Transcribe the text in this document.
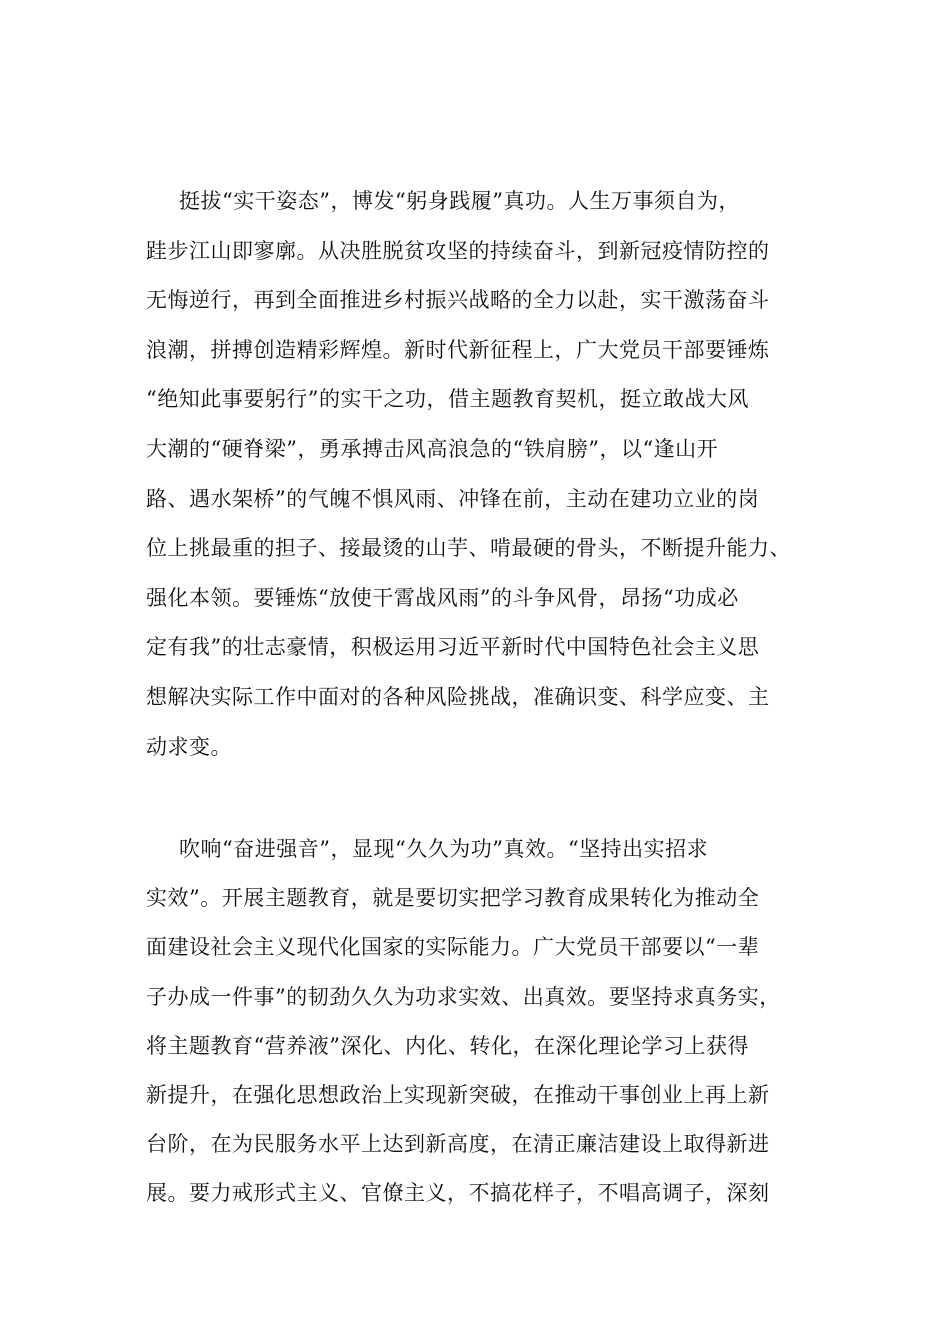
挺拔“实干姿态”，博发“躬身践履”真功。人生万事须自为，
跬步江山即寥廓。从决胜脱贫攻坚的持续奋斗，到新冠疫情防控的
无悔逆行，再到全面推进乡村振兴战略的全力以赴，实干激荡奋斗
浪潮，拼搏创造精彩辉煌。新时代新征程上，广大党员干部要锤炼
“绝知此事要躬行”的实干之功，借主题教育契机，挺立敢战大风
大潮的“硬脊梁”，勇承搏击风高浪急的“铁肩膀”，以“逢山开
路、遇水架桥”的气魄不惧风雨、冲锋在前，主动在建功立业的岗
位上挑最重的担子、接最烫的山芋、啃最硬的骨头，不断提升能力、
强化本领。要锤炼“放使干霄战风雨”的斗争风骨，昂扬“功成必
定有我”的壮志豪情，积极运用习近平新时代中国特色社会主义思
想解决实际工作中面对的各种风险挑战，准确识变、科学应变、主
动求变。
吹响“奋进强音”，显现“久久为功”真效。“坚持出实招求
实效”。开展主题教育，就是要切实把学习教育成果转化为推动全
面建设社会主义现代化国家的实际能力。广大党员干部要以“一辈
子办成一件事”的韧劲久久为功求实效、出真效。要坚持求真务实，
将主题教育“营养液”深化、内化、转化，在深化理论学习上获得
新提升，在强化思想政治上实现新突破，在推动干事创业上再上新
台阶，在为民服务水平上达到新高度，在清正廉洁建设上取得新进
展。要力戒形式主义、官僚主义，不搞花样子，不唱高调子，深刻
